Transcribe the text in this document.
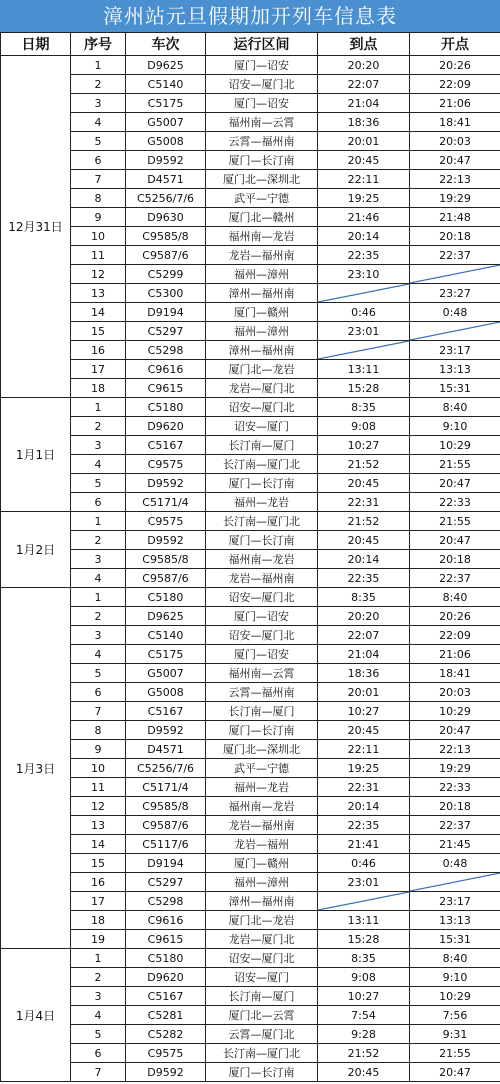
漳州站元旦假期加开列车信息表
日期	序号	车次	运行区间	到点	开点
12月31日	1	D9625	厦门—诏安	20:20	20:26
	2	C5140	诏安—厦门北	22:07	22:09
	3	C5175	厦门—诏安	21:04	21:06
	4	G5007	福州南—云霄	18:36	18:41
	5	G5008	云霄—福州南	20:01	20:03
	6	D9592	厦门—长汀南	20:45	20:47
	7	D4571	厦门北—深圳北	22:11	22:13
	8	C5256/7/6	武平—宁德	19:25	19:29
	9	D9630	厦门北—赣州	21:46	21:48
	10	C9585/8	福州南—龙岩	20:14	20:18
	11	C9587/6	龙岩—福州南	22:35	22:37
	12	C5299	福州—漳州	23:10	

	13	C5300	漳州—福州南		23:27
	14	D9194	厦门—赣州	0:46	0:48
	15	C5297	福州—漳州	23:01	

	16	C5298	漳州—福州南		23:17
	17	C9616	厦门北—龙岩	13:11	13:13
	18	C9615	龙岩—厦门北	15:28	15:31
1月1日	1	C5180	诏安—厦门北	8:35	8:40
	2	D9620	诏安—厦门	9:08	9:10
	3	C5167	长汀南—厦门	10:27	10:29
	4	C9575	长汀南—厦门北	21:52	21:55
	5	D9592	厦门—长汀南	20:45	20:47
	6	C5171/4	福州—龙岩	22:31	22:33
1月2日	1	C9575	长汀南—厦门北	21:52	21:55
	2	D9592	厦门—长汀南	20:45	20:47
	3	C9585/8	福州南—龙岩	20:14	20:18
	4	C9587/6	龙岩—福州南	22:35	22:37
1月3日	1	C5180	诏安—厦门北	8:35	8:40
	2	D9625	厦门—诏安	20:20	20:26
	3	C5140	诏安—厦门北	22:07	22:09
	4	C5175	厦门—诏安	21:04	21:06
	5	G5007	福州南—云霄	18:36	18:41
	6	G5008	云霄—福州南	20:01	20:03
	7	C5167	长汀南—厦门	10:27	10:29
	8	D9592	厦门—长汀南	20:45	20:47
	9	D4571	厦门北—深圳北	22:11	22:13
	10	C5256/7/6	武平—宁德	19:25	19:29
	11	C5171/4	福州—龙岩	22:31	22:33
	12	C9585/8	福州南—龙岩	20:14	20:18
	13	C9587/6	龙岩—福州南	22:35	22:37
	14	C5117/6	龙岩—福州	21:41	21:45
	15	D9194	厦门—赣州	0:46	0:48
	16	C5297	福州—漳州	23:01	

	17	C5298	漳州—福州南		23:17
	18	C9616	厦门北—龙岩	13:11	13:13
	19	C9615	龙岩—厦门北	15:28	15:31
1月4日	1	C5180	诏安—厦门北	8:35	8:40
	2	D9620	诏安—厦门	9:08	9:10
	3	C5167	长汀南—厦门	10:27	10:29
	4	C5281	厦门北—云霄	7:54	7:56
	5	C5282	云霄—厦门北	9:28	9:31
	6	C9575	长汀南—厦门北	21:52	21:55
	7	D9592	厦门—长汀南	20:45	20:47
